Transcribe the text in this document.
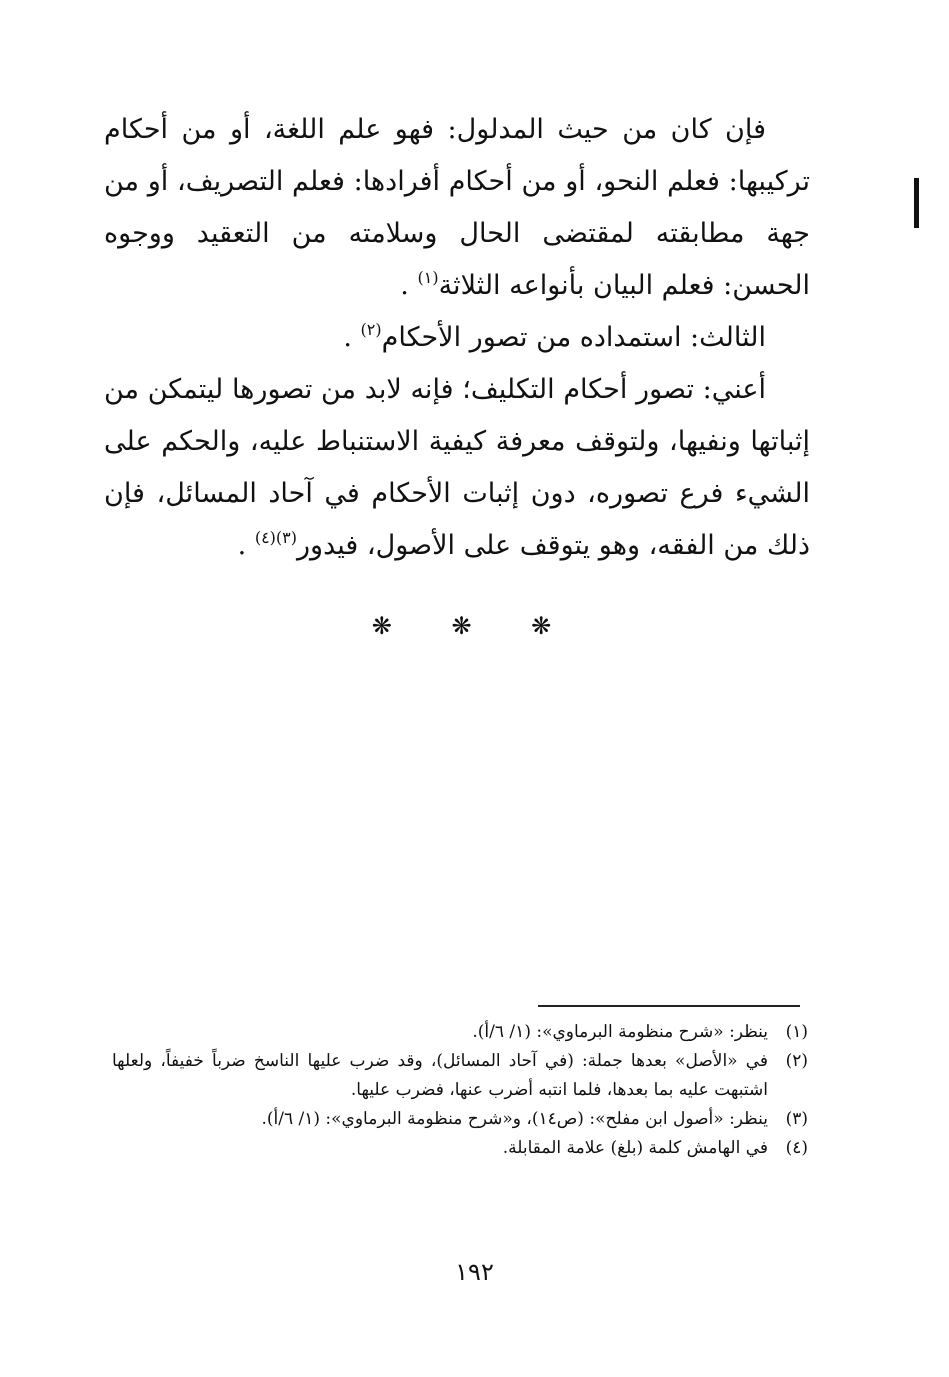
فإن كان من حيث المدلول: فهو علم اللغة، أو من أحكام تركيبها: فعلم النحو، أو من أحكام أفرادها: فعلم التصريف، أو من جهة مطابقته لمقتضى الحال وسلامته من التعقيد ووجوه الحسن: فعلم البيان بأنواعه الثلاثة$^{(١)}$ .

الثالث: استمداده من تصور الأحكام$^{(٢)}$ .

أعني: تصور أحكام التكليف؛ فإنه لابد من تصورها ليتمكن من إثباتها ونفيها، ولتوقف معرفة كيفية الاستنباط عليه، والحكم على الشيء فرع تصوره، دون إثبات الأحكام في آحاد المسائل، فإن ذلك من الفقه، وهو يتوقف على الأصول، فيدور$^{(٣)(٤)}$ .

❋ ❋ ❋
(١)
ينظر: «شرح منظومة البرماوي»: (١/ ٦/أ).
(٢)
في «الأصل» بعدها جملة: (في آحاد المسائل)، وقد ضرب عليها الناسخ ضرباً خفيفاً، ولعلها اشتبهت عليه بما بعدها، فلما انتبه أضرب عنها، فضرب عليها.
(٣)
ينظر: «أصول ابن مفلح»: (ص١٤)، و«شرح منظومة البرماوي»: (١/ ٦/أ).
(٤)
في الهامش كلمة (بلغ) علامة المقابلة.
١٩٢
